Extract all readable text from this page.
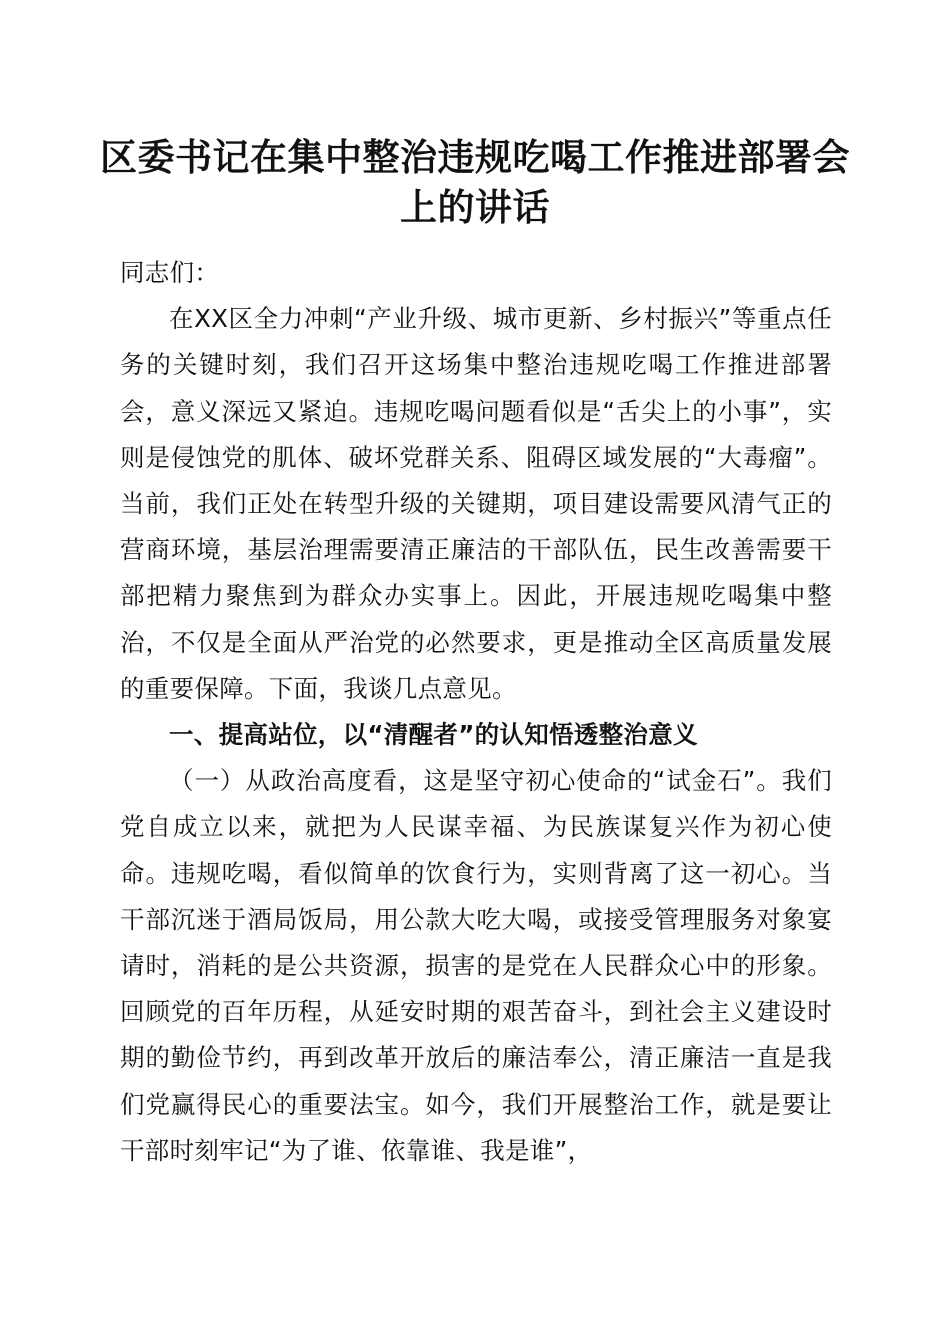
区委书记在集中整治违规吃喝工作推进部署会
上的讲话

同志们：

在XX区全力冲刺“产业升级、城市更新、乡村振兴”等重点任务的关键时刻，我们召开这场集中整治违规吃喝工作推进部署会，意义深远又紧迫。违规吃喝问题看似是“舌尖上的小事”，实则是侵蚀党的肌体、破坏党群关系、阻碍区域发展的“大毒瘤”。当前，我们正处在转型升级的关键期，项目建设需要风清气正的营商环境，基层治理需要清正廉洁的干部队伍，民生改善需要干部把精力聚焦到为群众办实事上。因此，开展违规吃喝集中整治，不仅是全面从严治党的必然要求，更是推动全区高质量发展的重要保障。下面，我谈几点意见。

一、提高站位，以“清醒者”的认知悟透整治意义

（一）从政治高度看，这是坚守初心使命的“试金石”。我们党自成立以来，就把为人民谋幸福、为民族谋复兴作为初心使命。违规吃喝，看似简单的饮食行为，实则背离了这一初心。当干部沉迷于酒局饭局，用公款大吃大喝，或接受管理服务对象宴请时，消耗的是公共资源，损害的是党在人民群众心中的形象。回顾党的百年历程，从延安时期的艰苦奋斗，到社会主义建设时期的勤俭节约，再到改革开放后的廉洁奉公，清正廉洁一直是我们党赢得民心的重要法宝。如今，我们开展整治工作，就是要让干部时刻牢记“为了谁、依靠谁、我是谁”，
